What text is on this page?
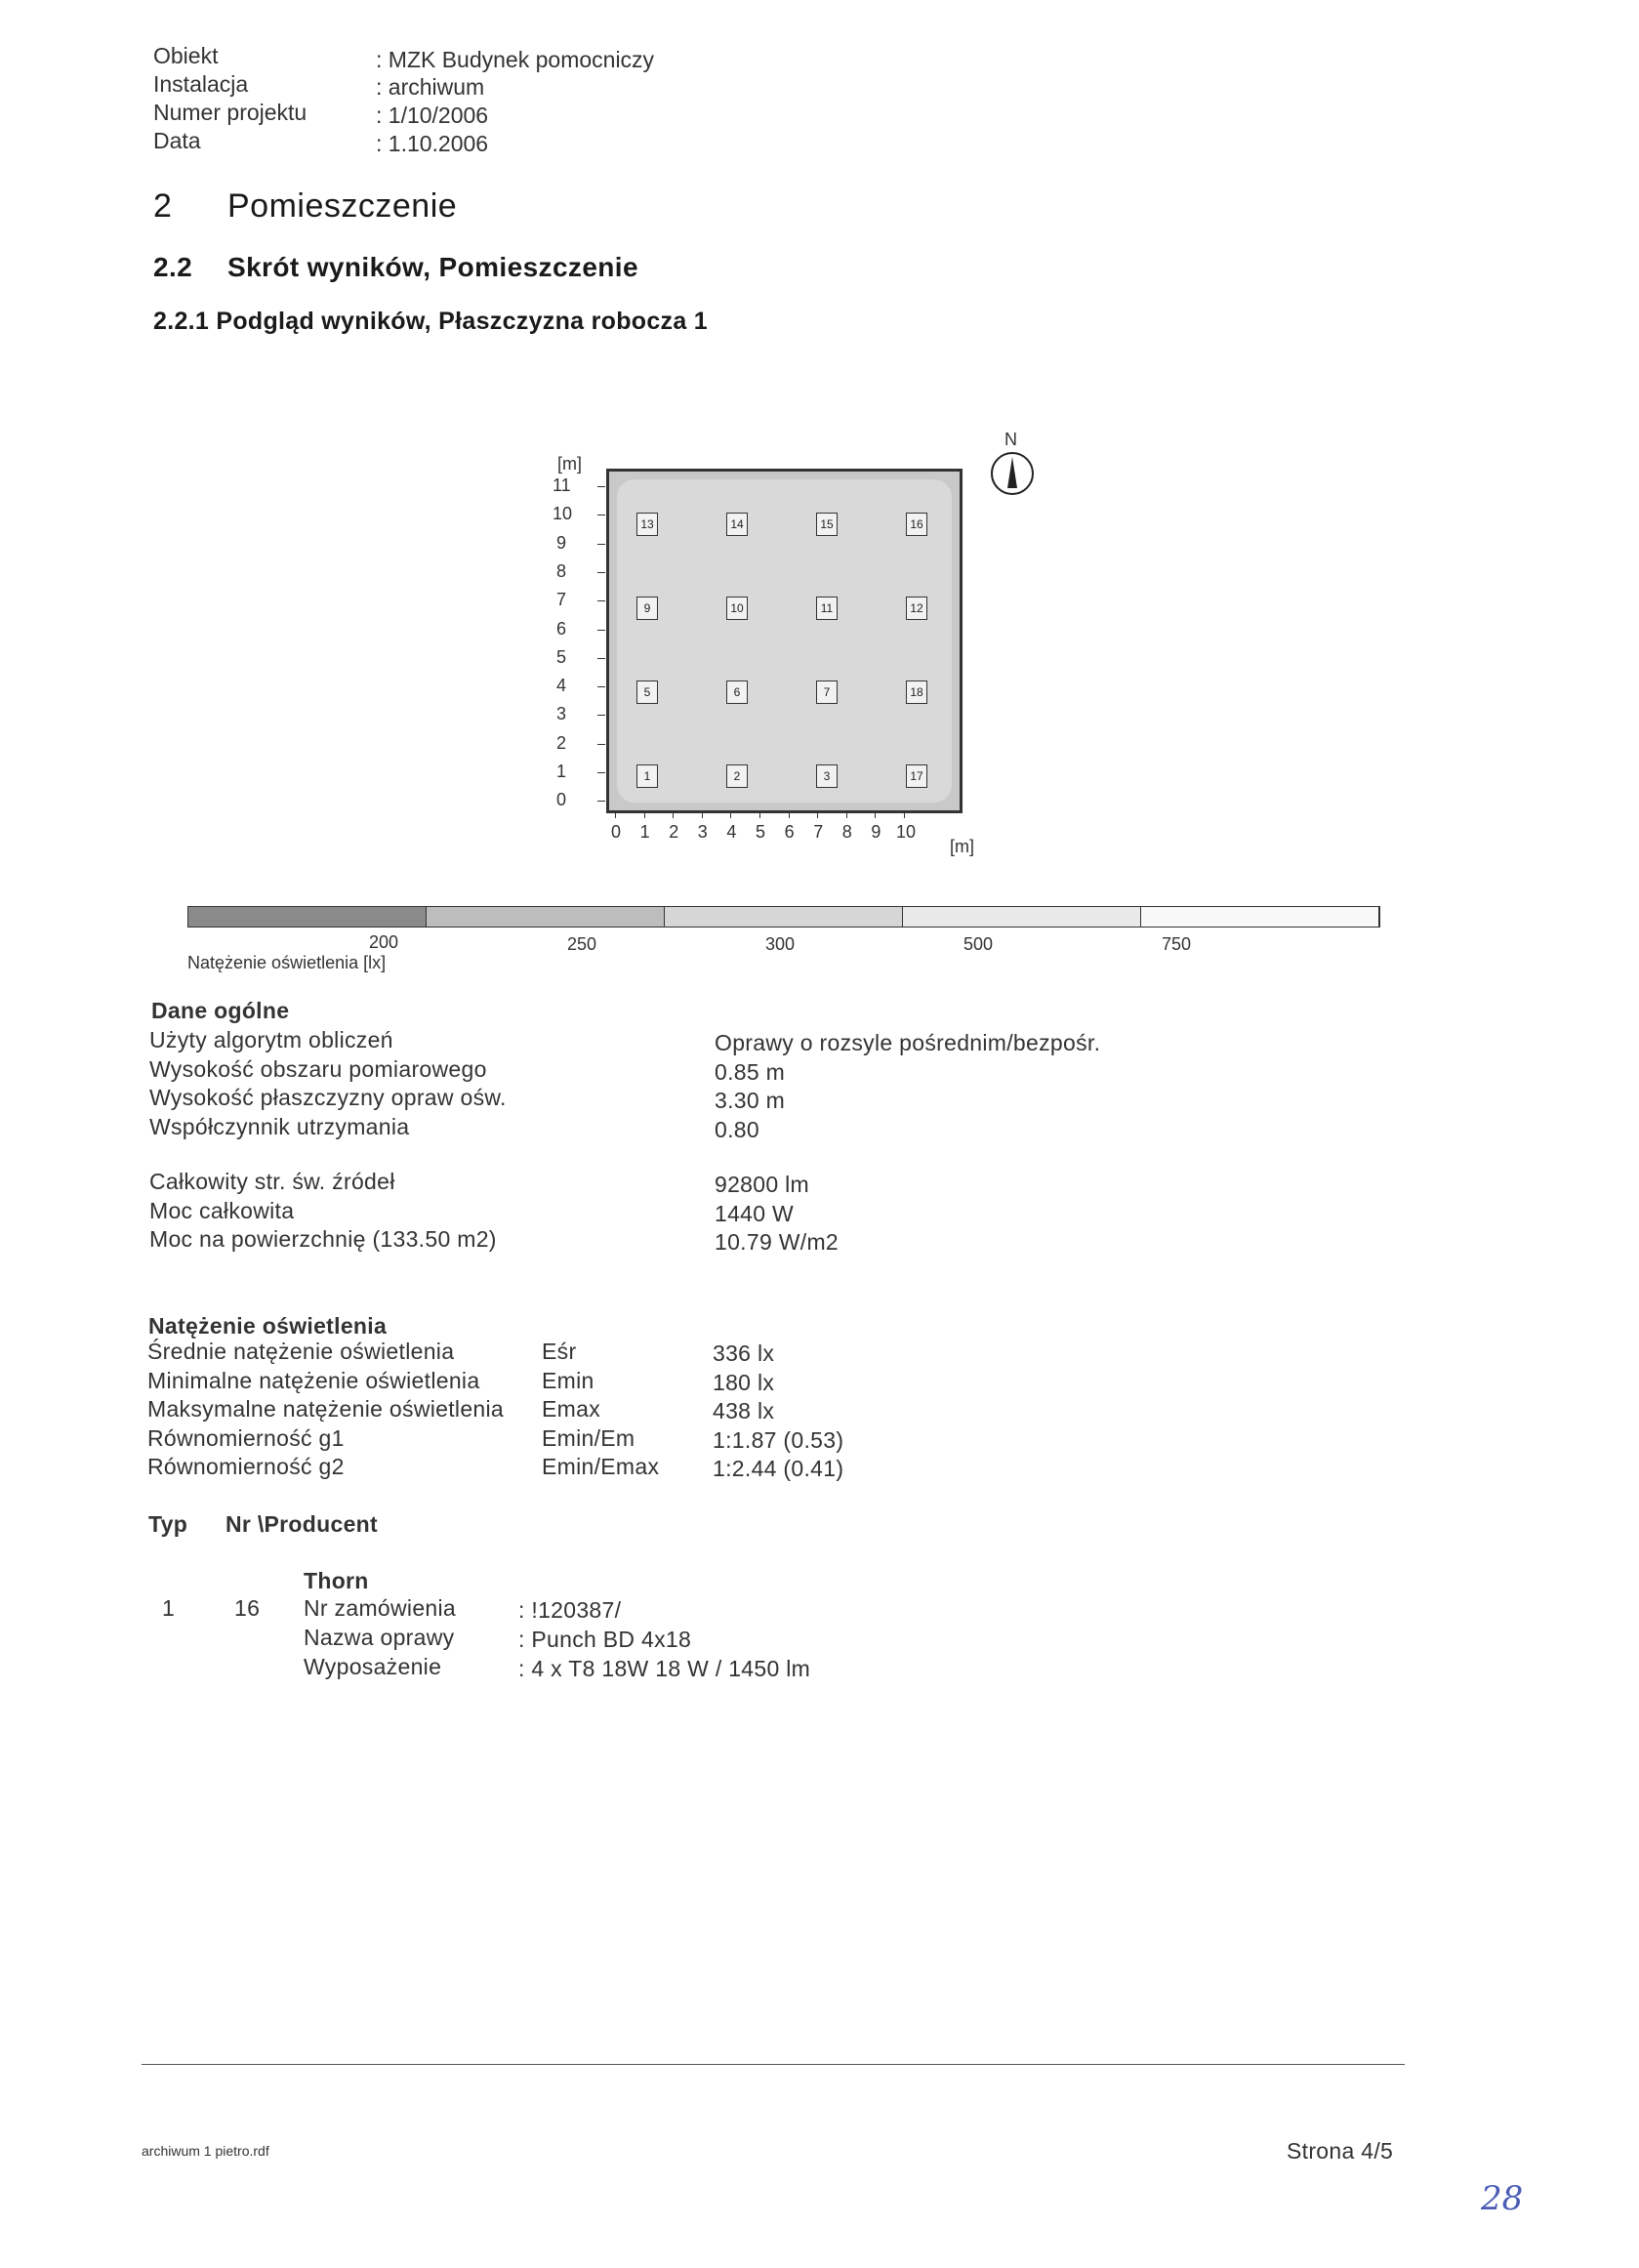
Obiekt	: MZK Budynek pomocniczy
Instalacja	: archiwum
Numer projektu	: 1/10/2006
Data	: 1.10.2006
2 Pomieszczenie
2.2 Skrót wyników, Pomieszczenie
2.2.1 Podgląd wyników, Płaszczyzna robocza 1
[m]
11
10
9
8
7
6
5
4
3
2
1
0
0 1 2 3 4 5 6 7 8 9 10
[m]
13	14	15	16
9	10	11	12
5	6	7	18
1	2	3	17
N
200	250	300	500	750
Natężenie oświetlenia [lx]
Dane ogólne
Użyty algorytm obliczeń	Oprawy o rozsyle pośrednim/bezpośr.
Wysokość obszaru pomiarowego	0.85 m
Wysokość płaszczyzny opraw ośw.	3.30 m
Współczynnik utrzymania	0.80
Całkowity str. św. źródeł	92800 lm
Moc całkowita	1440 W
Moc na powierzchnię (133.50 m2)	10.79 W/m2
Natężenie oświetlenia
Średnie natężenie oświetlenia	Eśr	336 lx
Minimalne natężenie oświetlenia	Emin	180 lx
Maksymalne natężenie oświetlenia Emax	438 lx
Równomierność g1	Emin/Em	1:1.87 (0.53)
Równomierność g2	Emin/Emax 1:2.44 (0.41)
Typ Nr \Producent
1	16
Thorn
Nr zamówienia	: !120387/
Nazwa oprawy	: Punch BD 4x18
Wyposażenie	: 4 x T8 18W 18 W / 1450 lm
archiwum 1 pietro.rdf	Strona 4/5
28
